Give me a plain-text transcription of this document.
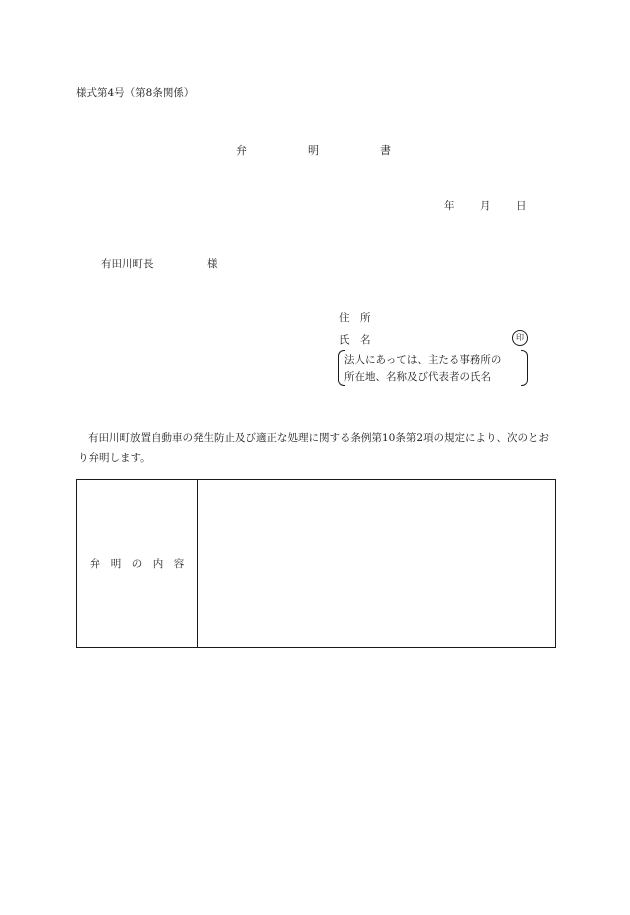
様式第4号（第8条関係）
弁	明	書
年 月 日
有田川町長	様
住　所
氏　名	印
法人にあっては、主たる事務所の
所在地、名称及び代表者の氏名
有田川町放置自動車の発生防止及び適正な処理に関する条例第10条第2項の規定により、次のとおり弁明します。
弁　明　の　内　容
